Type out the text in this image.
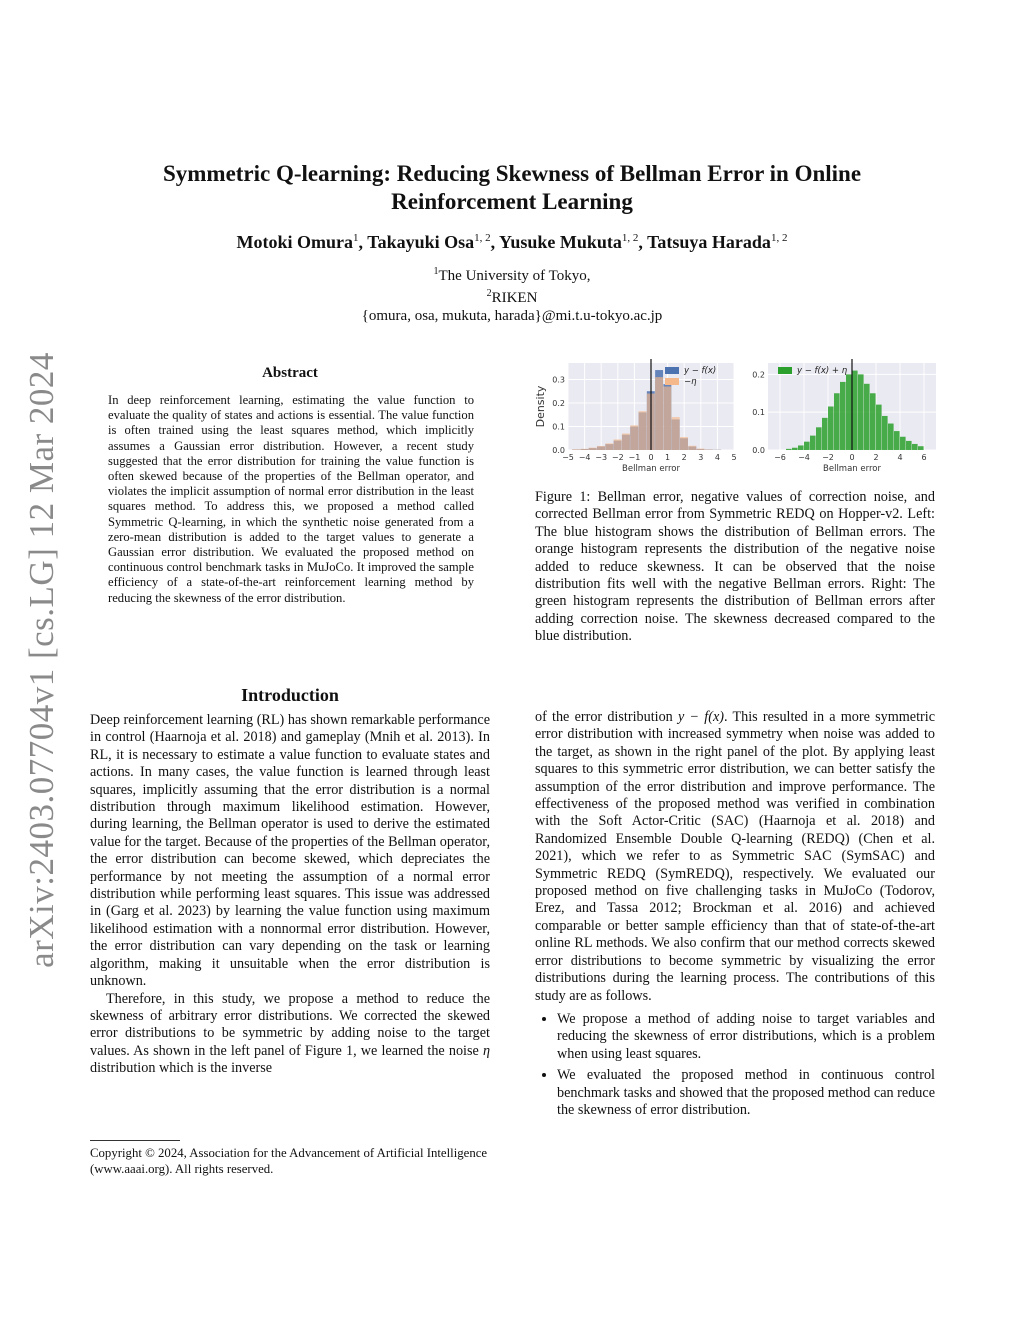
arXiv:2403.07704v1 [cs.LG] 12 Mar 2024
Symmetric Q-learning: Reducing Skewness of Bellman Error in Online
Reinforcement Learning
Motoki Omura$^1$, Takayuki Osa$^{1, 2}$, Yusuke Mukuta$^{1, 2}$, Tatsuya Harada$^{1, 2}$
$^1$The University of Tokyo,
$^2$RIKEN
{omura, osa, mukuta, harada}@mi.t.u-tokyo.ac.jp
Abstract
In deep reinforcement learning, estimating the value function to evaluate the quality of states and actions is essential. The value function is often trained using the least squares method, which implicitly assumes a Gaussian error distribution. However, a recent study suggested that the error distribution for training the value function is often skewed because of the properties of the Bellman operator, and violates the implicit assumption of normal error distribution in the least squares method. To address this, we proposed a method called Symmetric Q-learning, in which the synthetic noise generated from a zero-mean distribution is added to the target values to generate a Gaussian error distribution. We evaluated the proposed method on continuous control benchmark tasks in MuJoCo. It improved the sample efficiency of a state-of-the-art reinforcement learning method by reducing the skewness of the error distribution.
Introduction

Deep reinforcement learning (RL) has shown remarkable performance in control (Haarnoja et al. 2018) and gameplay (Mnih et al. 2013). In RL, it is necessary to estimate a value function to evaluate states and actions. In many cases, the value function is learned through least squares, implicitly assuming that the error distribution is a normal distribution through maximum likelihood estimation. However, during learning, the Bellman operator is used to derive the estimated value for the target. Because of the properties of the Bellman operator, the error distribution can become skewed, which depreciates the performance by not meeting the assumption of a normal error distribution while performing least squares. This issue was addressed in (Garg et al. 2023) by learning the value function using maximum likelihood estimation with a nonnormal error distribution. However, the error distribution can vary depending on the task or learning algorithm, making it unsuitable when the error distribution is unknown.

Therefore, in this study, we propose a method to reduce the skewness of arbitrary error distributions. We corrected the skewed error distributions to be symmetric by adding noise to the target values. As shown in the left panel of Figure 1, we learned the noise η distribution which is the inverse

Copyright © 2024, Association for the Advancement of Artificial Intelligence (www.aaai.org). All rights reserved.
0.0
0.1
0.2
0.3
−5 −4 −3 −2 −1 0 1 2 3 4 5
Bellman error
Density
y − f(x)
−η
0.0
0.1
0.2
−6 −4 −2 0 2 4 6
Bellman error
y − f(x) + η
Figure 1: Bellman error, negative values of correction noise, and corrected Bellman error from Symmetric REDQ on Hopper-v2. Left: The blue histogram shows the distribution of Bellman errors. The orange histogram represents the distribution of the negative noise added to reduce skewness. It can be observed that the noise distribution fits well with the negative Bellman errors. Right: The green histogram represents the distribution of Bellman errors after adding correction noise. The skewness decreased compared to the blue distribution.

of the error distribution y − f(x). This resulted in a more symmetric error distribution with increased symmetry when noise was added to the target, as shown in the right panel of the plot. By applying least squares to this symmetric error distribution, we can better satisfy the assumption of the error distribution and improve performance. The effectiveness of the proposed method was verified in combination with the Soft Actor-Critic (SAC) (Haarnoja et al. 2018) and Randomized Ensemble Double Q-learning (REDQ) (Chen et al. 2021), which we refer to as Symmetric SAC (SymSAC) and Symmetric REDQ (SymREDQ), respectively. We evaluated our proposed method on five challenging tasks in MuJoCo (Todorov, Erez, and Tassa 2012; Brockman et al. 2016) and achieved comparable or better sample efficiency than that of state-of-the-art online RL methods. We also confirm that our method corrects skewed error distributions to become symmetric by visualizing the error distributions during the learning process. The contributions of this study are as follows.

• We propose a method of adding noise to target variables and reducing the skewness of error distributions, which is a problem when using least squares.
• We evaluated the proposed method in continuous control benchmark tasks and showed that the proposed method can reduce the skewness of error distribution.
